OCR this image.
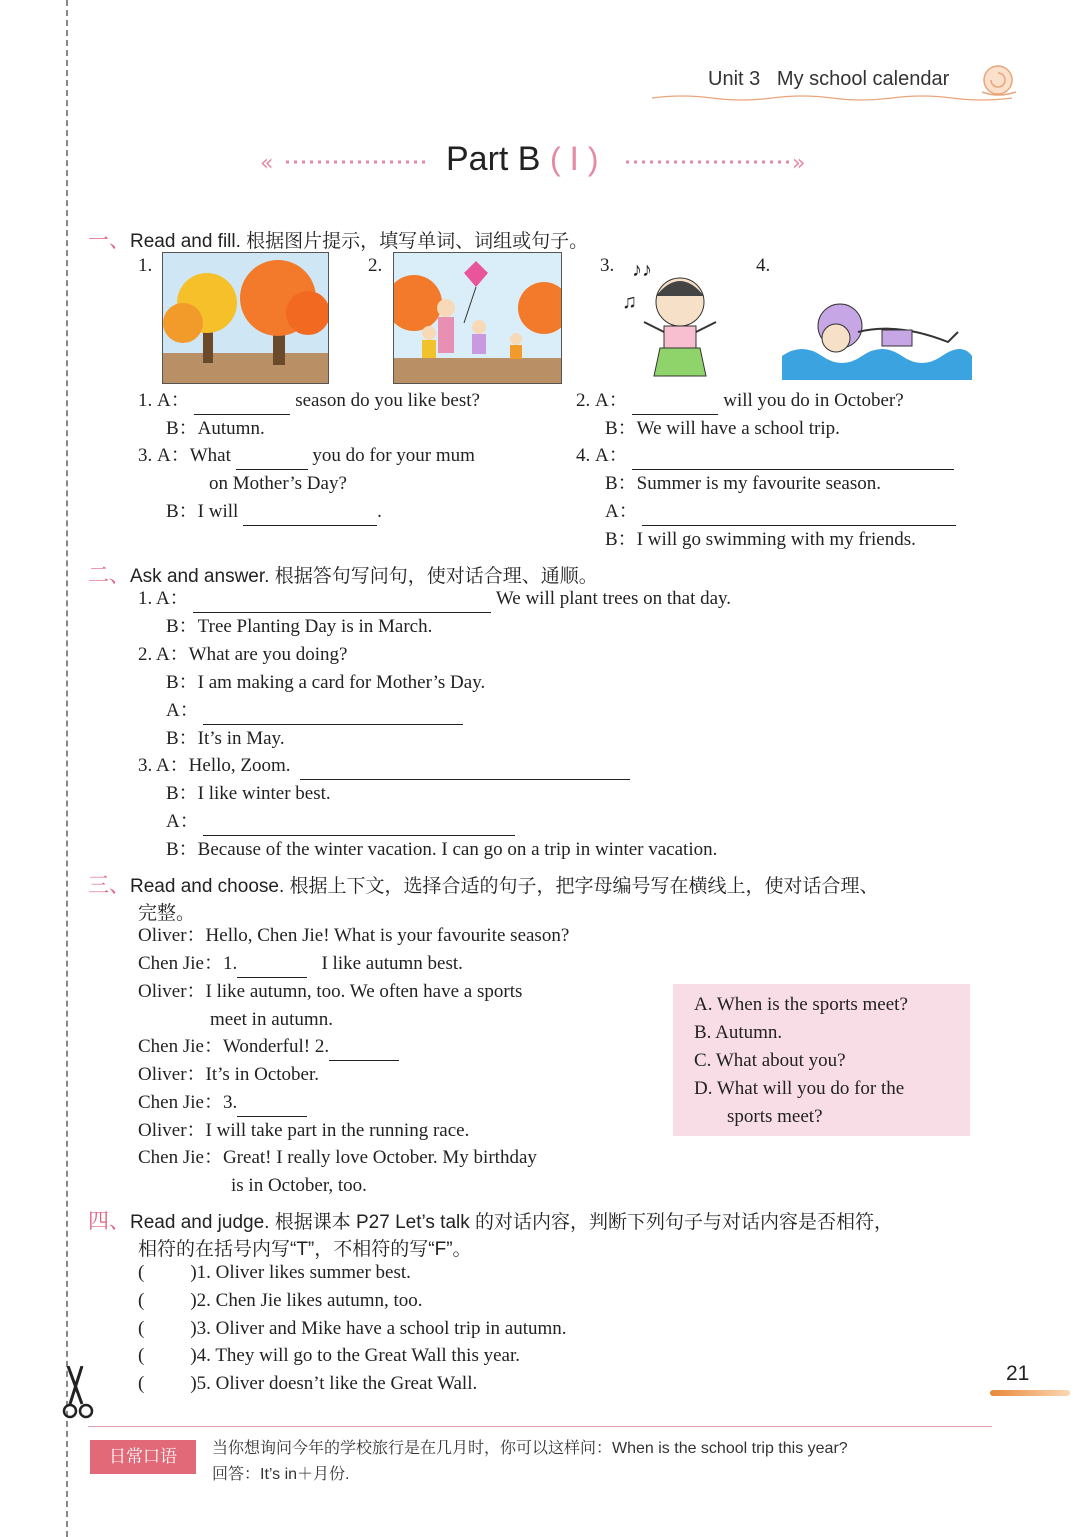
Unit 3 My school calendar
«	Part B ( Ⅰ )	»
一、Read and fill. 根据图片提示，填写单词、词组或句子。
1.	2.	3. ♪♪
♫
4.
1. A：	season do you like best?
B：Autumn.
2. A：	will you do in October?
B：We will have a school trip.
3. A：What	you do for your mum
on Mother’s Day?
B：I will	.
4. A：
B：Summer is my favourite season.
A：
B：I will go swimming with my friends.
二、Ask and answer. 根据答句写问句，使对话合理、通顺。
1. A：	We will plant trees on that day.
B：Tree Planting Day is in March.
2. A：What are you doing?
B：I am making a card for Mother’s Day.
A：
B：It’s in May.
3. A：Hello, Zoom.
B：I like winter best.
A：
B：Because of the winter vacation. I can go on a trip in winter vacation.
三、Read and choose. 根据上下文，选择合适的句子，把字母编号写在横线上，使对话合理、
完整。
Oliver：Hello, Chen Jie! What is your favourite season?
Chen Jie：1.	I like autumn best.
Oliver：I like autumn, too. We often have a sports
meet in autumn.
Chen Jie：Wonderful! 2.
Oliver：It’s in October.
Chen Jie：3.
Oliver：I will take part in the running race.
Chen Jie：Great! I really love October. My birthday
is in October, too.
A. When is the sports meet?
B. Autumn.
C. What about you?
D. What will you do for the
sports meet?
四、Read and judge. 根据课本 P27 Let’s talk 的对话内容，判断下列句子与对话内容是否相符，
相符的在括号内写“T”，不相符的写“F”。
( )1. Oliver likes summer best.
( )2. Chen Jie likes autumn, too.
( )3. Oliver and Mike have a school trip in autumn.
( )4. They will go to the Great Wall this year.
( )5. Oliver doesn’t like the Great Wall.	21
日常口语	当你想询问今年的学校旅行是在几月时，你可以这样问：When is the school trip this year?
回答：It’s in＋月份.
